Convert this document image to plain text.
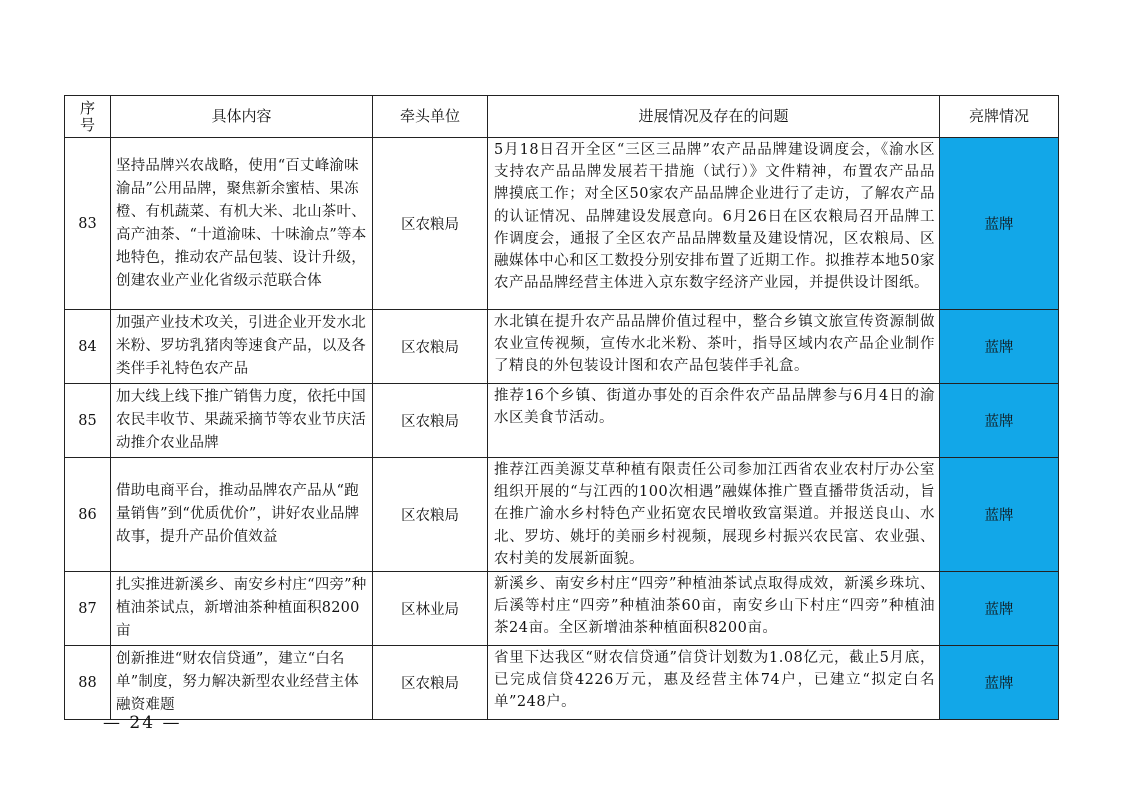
序号	具体内容	牵头单位	进展情况及存在的问题	亮牌情况
83	坚持品牌兴农战略，使用“百丈峰渝味渝品”公用品牌，聚焦新余蜜桔、果冻橙、有机蔬菜、有机大米、北山茶叶、高产油茶、“十道渝味、十味渝点”等本地特色，推动农产品包装、设计升级，创建农业产业化省级示范联合体	区农粮局	5月18日召开全区“三区三品牌”农产品品牌建设调度会，《渝水区支持农产品品牌发展若干措施（试行）》文件精神，布置农产品品牌摸底工作；对全区50家农产品品牌企业进行了走访，了解农产品的认证情况、品牌建设发展意向。6月26日在区农粮局召开品牌工作调度会，通报了全区农产品品牌数量及建设情况，区农粮局、区融媒体中心和区工数投分别安排布置了近期工作。拟推荐本地50家农产品品牌经营主体进入京东数字经济产业园，并提供设计图纸。	蓝牌
84	加强产业技术攻关，引进企业开发水北米粉、罗坊乳猪肉等速食产品，以及各类伴手礼特色农产品	区农粮局	水北镇在提升农产品品牌价值过程中，整合乡镇文旅宣传资源制做农业宣传视频，宣传水北米粉、茶叶，指导区域内农产品企业制作了精良的外包装设计图和农产品包装伴手礼盒。	蓝牌
85	加大线上线下推广销售力度，依托中国农民丰收节、果蔬采摘节等农业节庆活动推介农业品牌	区农粮局	推荐16个乡镇、街道办事处的百余件农产品品牌参与6月4日的渝水区美食节活动。	蓝牌
86	借助电商平台，推动品牌农产品从“跑量销售”到“优质优价”，讲好农业品牌故事，提升产品价值效益	区农粮局	推荐江西美源艾草种植有限责任公司参加江西省农业农村厅办公室组织开展的“与江西的100次相遇”融媒体推广暨直播带货活动，旨在推广渝水乡村特色产业拓宽农民增收致富渠道。并报送良山、水北、罗坊、姚圩的美丽乡村视频，展现乡村振兴农民富、农业强、农村美的发展新面貌。	蓝牌
87	扎实推进新溪乡、南安乡村庄“四旁”种植油茶试点，新增油茶种植面积8200亩	区林业局	新溪乡、南安乡村庄“四旁”种植油茶试点取得成效，新溪乡珠坑、后溪等村庄“四旁”种植油茶60亩，南安乡山下村庄“四旁”种植油茶24亩。全区新增油茶种植面积8200亩。	蓝牌
88	创新推进“财农信贷通”，建立“白名单”制度，努力解决新型农业经营主体融资难题	区农粮局	省里下达我区“财农信贷通”信贷计划数为1.08亿元，截止5月底，已完成信贷4226万元，惠及经营主体74户，已建立“拟定白名单”248户。	蓝牌
— 24 —
